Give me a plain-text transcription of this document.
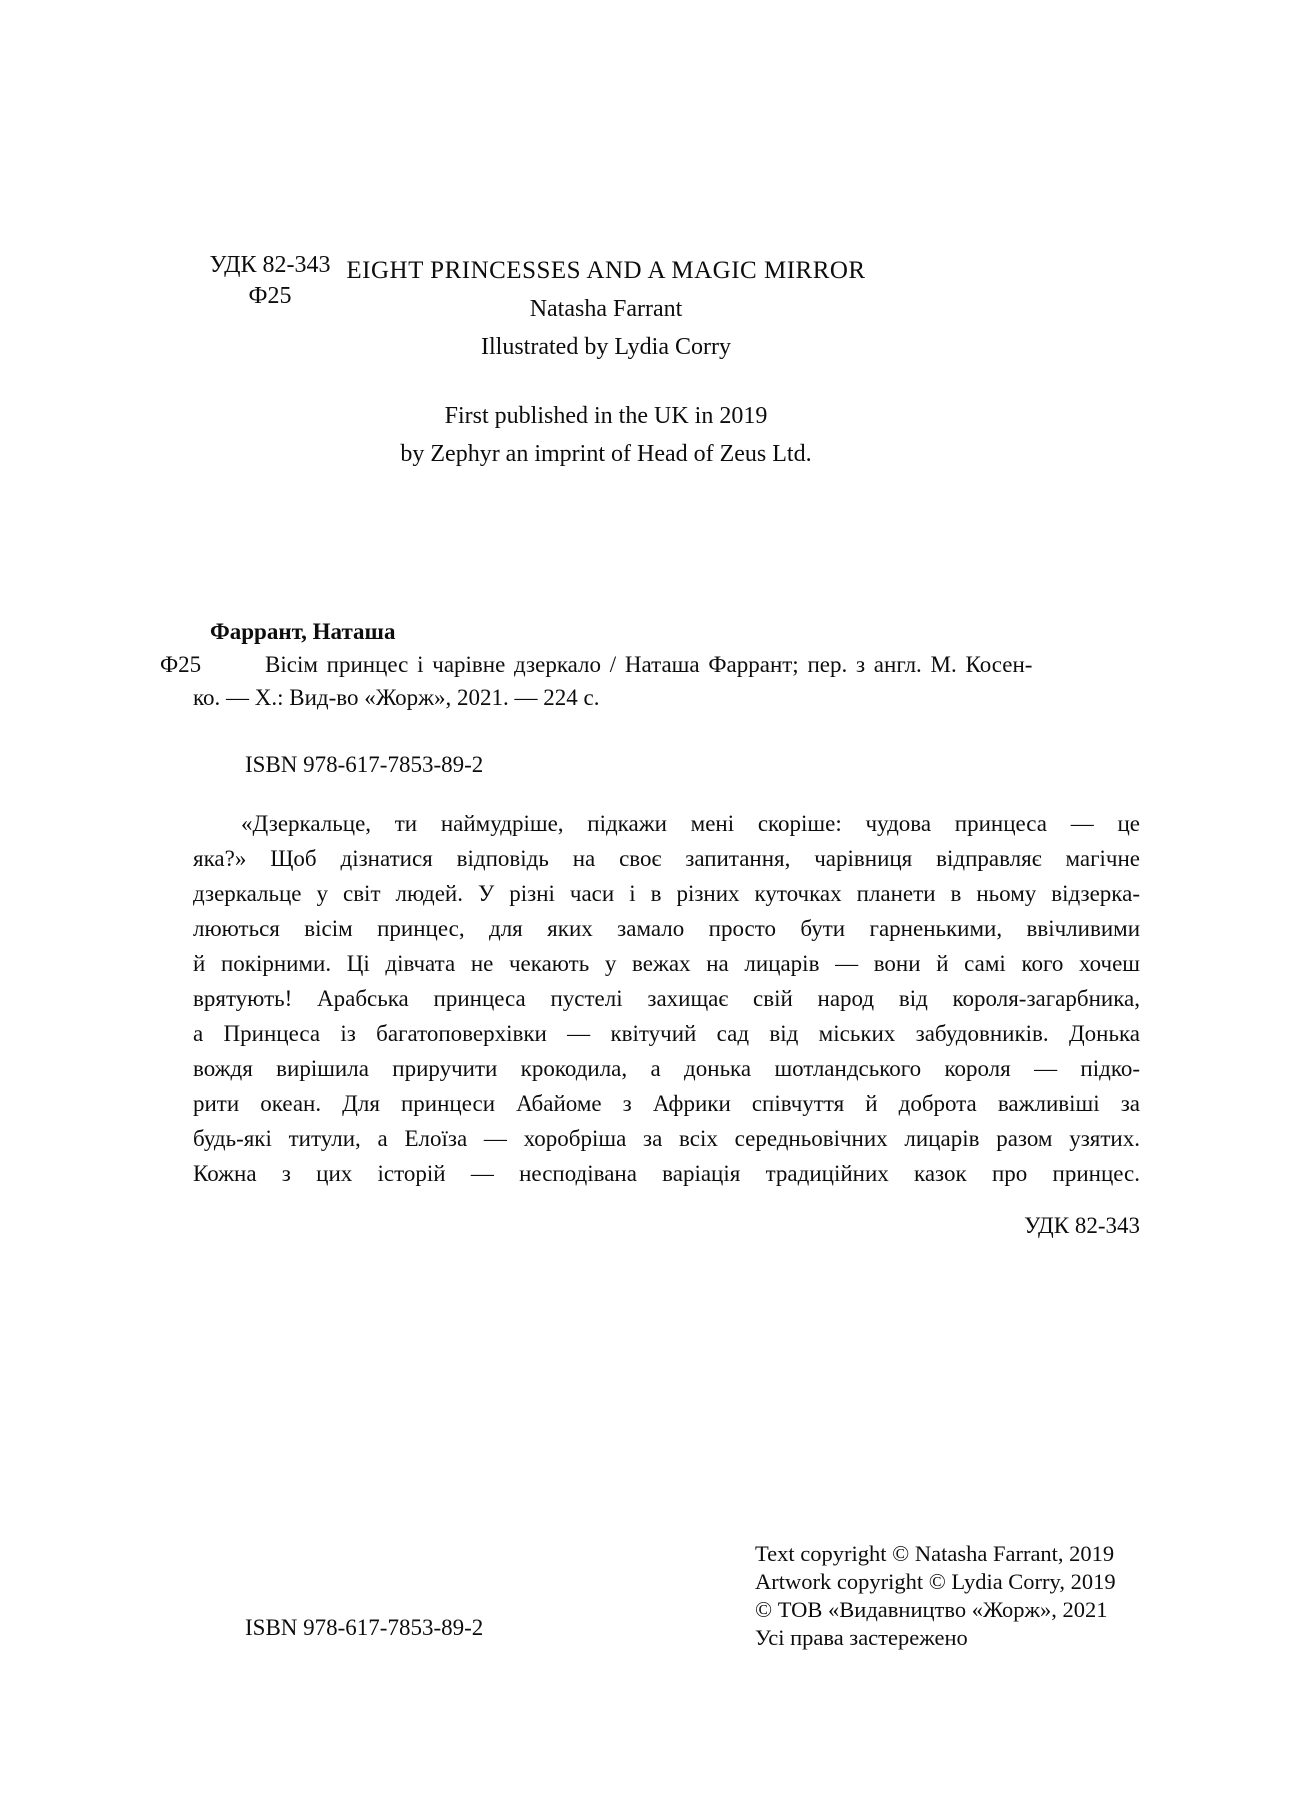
УДК 82-343
Ф25
EIGHT PRINCESSES AND A MAGIC MIRROR
Natasha Farrant
Illustrated by Lydia Corry
First published in the UK in 2019
by Zephyr an imprint of Head of Zeus Ltd.
Фаррант, Наташа
Ф25	Вісім принцес і чарівне дзеркало / Наташа Фаррант; пер. з англ. М. Косен-
ко. — Х.: Вид-во «Жорж», 2021. — 224 с.
ISBN 978-617-7853-89-2
«Дзеркальце, ти наймудріше, підкажи мені скоріше: чудова принцеса — це
яка?» Щоб дізнатися відповідь на своє запитання, чарівниця відправляє магічне
дзеркальце у світ людей. У різні часи і в різних куточках планети в ньому відзерка-
люються вісім принцес, для яких замало просто бути гарненькими, ввічливими
й покірними. Ці дівчата не чекають у вежах на лицарів — вони й самі кого хочеш
врятують! Арабська принцеса пустелі захищає свій народ від короля-загарбника,
а Принцеса із багатоповерхівки — квітучий сад від міських забудовників. Донька
вождя вирішила приручити крокодила, а донька шотландського короля — підко-
рити океан. Для принцеси Абайоме з Африки співчуття й доброта важливіші за
будь-які титули, а Елоїза — хоробріша за всіх середньовічних лицарів разом узятих.
Кожна з цих історій — несподівана варіація традиційних казок про принцес.
УДК 82-343
ISBN 978-617-7853-89-2
Text copyright © Natasha Farrant, 2019
Artwork copyright © Lydia Corry, 2019
© ТОВ «Видавництво «Жорж», 2021
Усі права застережено
